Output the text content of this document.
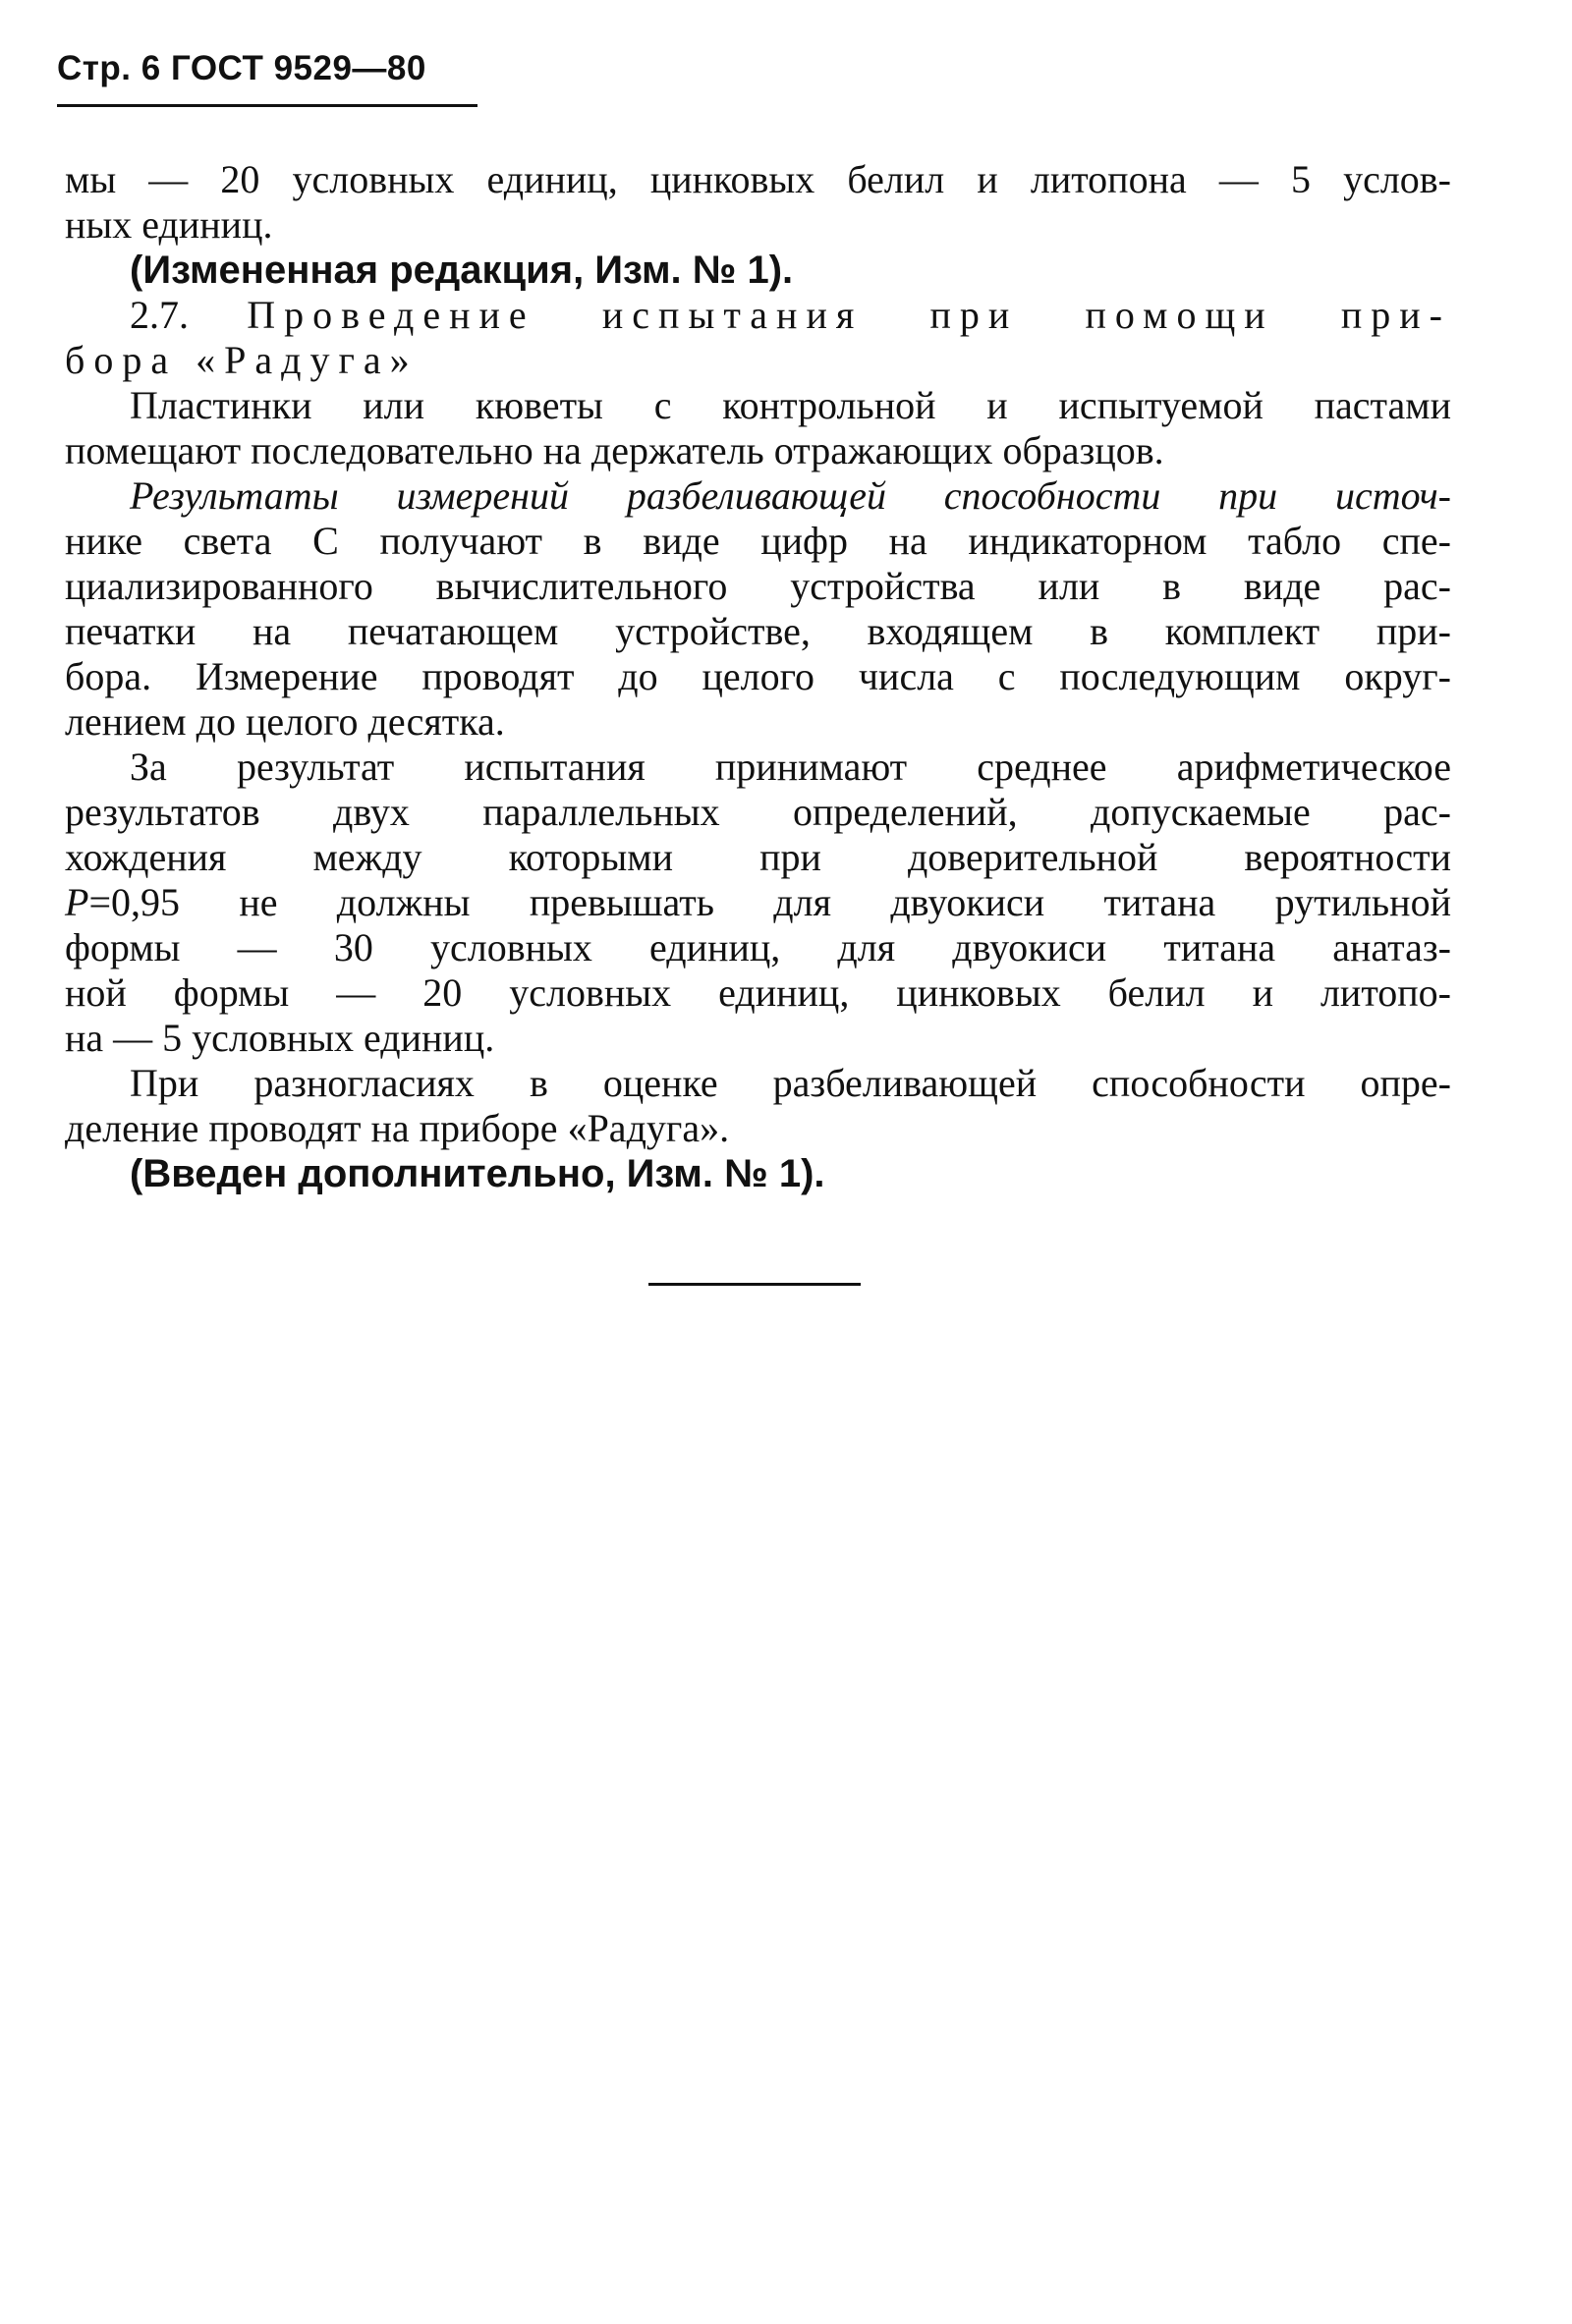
Стр. 6 ГОСТ 9529—80
мы — 20 условных единиц, цинковых белил и литопона — 5 услов-
ных единиц.
(Измененная редакция, Изм. № 1).
2.7. Проведение испытания при помощи при-
бора «Радуга»
Пластинки или кюветы с контрольной и испытуемой пастами
помещают последовательно на держатель отражающих образцов.
Результаты измерений разбеливающей способности при источ-
нике света С получают в виде цифр на индикаторном табло спе-
циализированного вычислительного устройства или в виде рас-
печатки на печатающем устройстве, входящем в комплект при-
бора. Измерение проводят до целого числа с последующим округ-
лением до целого десятка.
За результат испытания принимают среднее арифметическое
результатов двух параллельных определений, допускаемые рас-
хождения между которыми при доверительной вероятности
P=0,95 не должны превышать для двуокиси титана рутильной
формы — 30 условных единиц, для двуокиси титана анатаз-
ной формы — 20 условных единиц, цинковых белил и литопо-
на — 5 условных единиц.
При разногласиях в оценке разбеливающей способности опре-
деление проводят на приборе «Радуга».
(Введен дополнительно, Изм. № 1).
